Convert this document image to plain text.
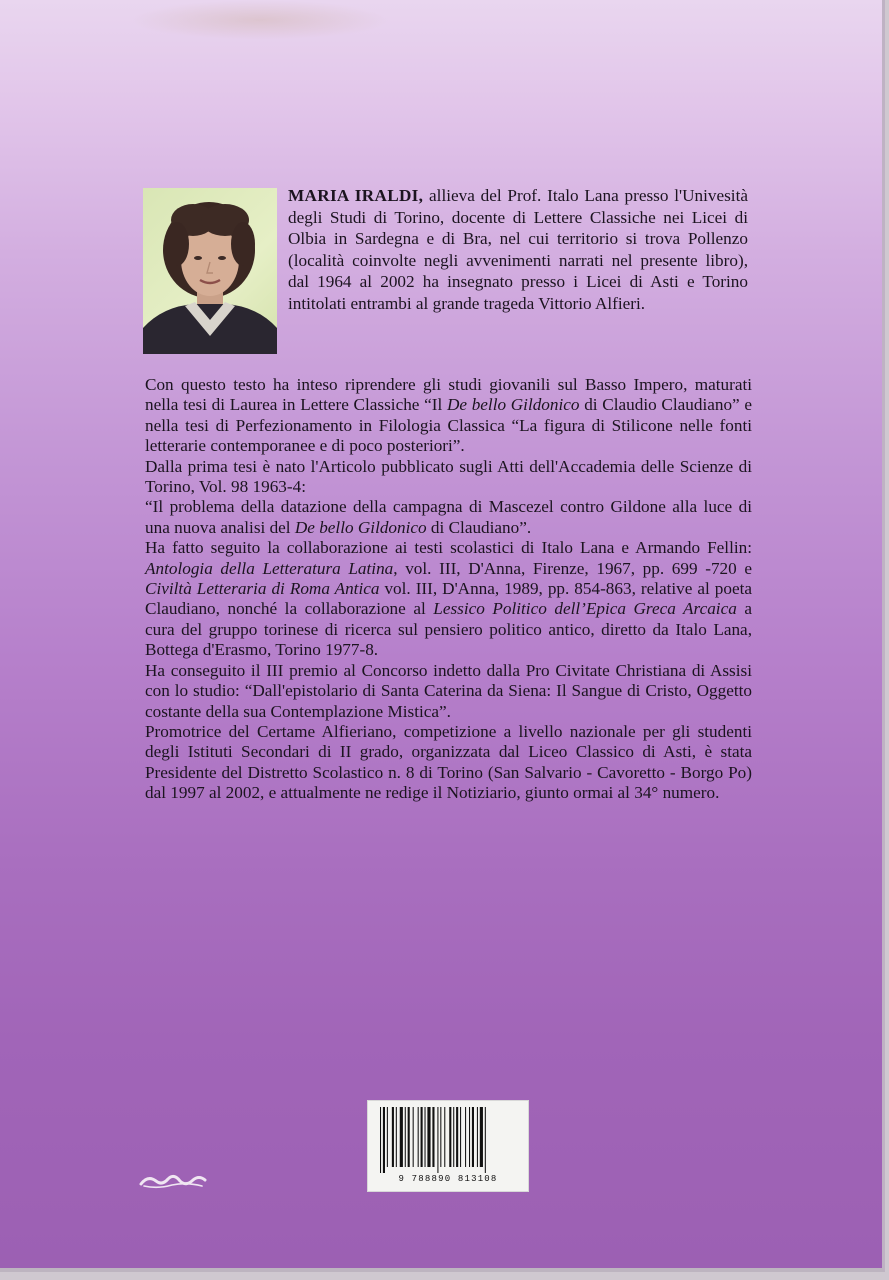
MARIA IRALDI, allieva del Prof. Italo Lana presso l'Univesità degli Studi di Torino, docente di Lettere Classiche nei Licei di Olbia in Sardegna e di Bra, nel cui territorio si trova Pollenzo (località coinvolte negli avvenimenti narrati nel presente libro), dal 1964 al 2002 ha insegnato presso i Licei di Asti e Torino intitolati entrambi al grande trageda Vittorio Alfieri.

Con questo testo ha inteso riprendere gli studi giovanili sul Basso Impero, maturati nella tesi di Laurea in Lettere Classiche “Il De bello Gildonico di Claudio Claudiano” e nella tesi di Perfezionamento in Filologia Classica “La figura di Stilicone nelle fonti letterarie contemporanee e di poco posteriori”.

Dalla prima tesi è nato l'Articolo pubblicato sugli Atti dell'Accademia delle Scienze di Torino, Vol. 98 1963-4:

“Il problema della datazione della campagna di Mascezel contro Gildone alla luce di una nuova analisi del De bello Gildonico di Claudiano”.

Ha fatto seguito la collaborazione ai testi scolastici di Italo Lana e Armando Fellin: Antologia della Letteratura Latina, vol. III, D'Anna, Firenze, 1967, pp. 699 -720 e Civiltà Letteraria di Roma Antica vol. III, D'Anna, 1989, pp. 854-863, relative al poeta Claudiano, nonché la collaborazione al Lessico Politico dell’Epica Greca Arcaica a cura del gruppo torinese di ricerca sul pensiero politico antico, diretto da Italo Lana, Bottega d'Erasmo, Torino 1977-8.

Ha conseguito il III premio al Concorso indetto dalla Pro Civitate Christiana di Assisi con lo studio: “Dall'epistolario di Santa Caterina da Siena: Il Sangue di Cristo, Oggetto costante della sua Contemplazione Mistica”.

Promotrice del Certame Alfieriano, competizione a livello nazionale per gli studenti degli Istituti Secondari di II grado, organizzata dal Liceo Classico di Asti, è stata Presidente del Distretto Scolastico n. 8 di Torino (San Salvario - Cavoretto - Borgo Po) dal 1997 al 2002, e attualmente ne redige il Notiziario, giunto ormai al 34° numero.

9 788890 813108
